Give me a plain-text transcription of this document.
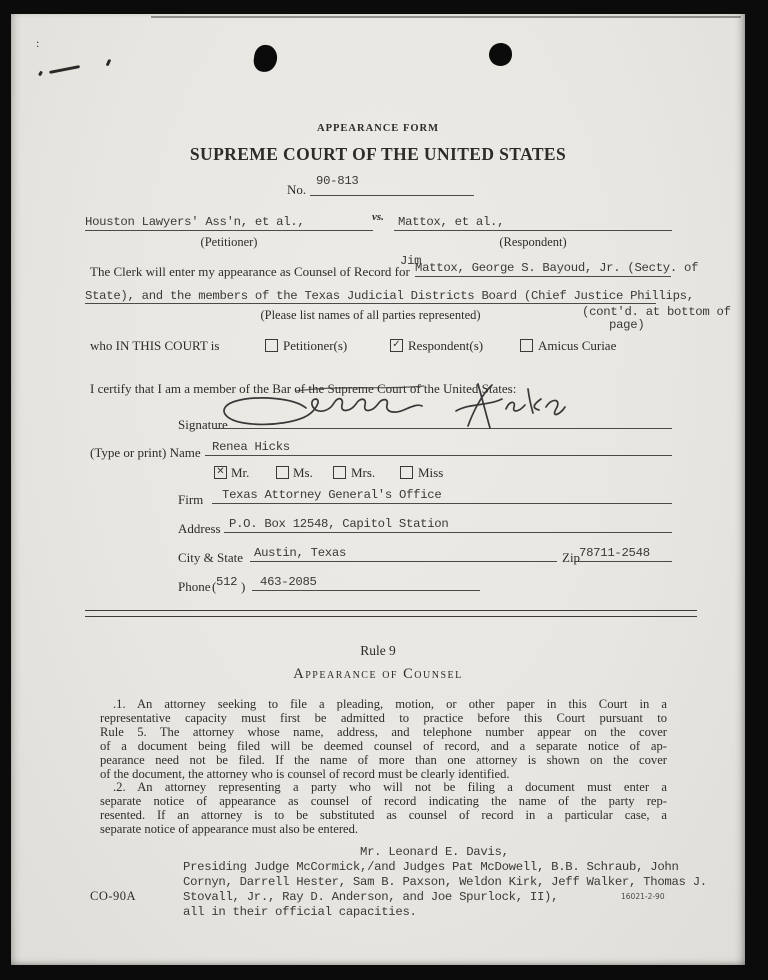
:
APPEARANCE FORM
SUPREME COURT OF THE UNITED STATES
No.
90-813
Houston Lawyers' Ass'n, et al.,	vs. Mattox, et al.,
(Petitioner)	(Respondent)
The Clerk will enter my appearance as Counsel of Record for
Jim
Mattox, George S. Bayoud, Jr. (Secty. of
State), and the members of the Texas Judicial Districts Board (Chief Justice Phillips,
(Please list names of all parties represented)	(cont'd. at bottom of
page)
who IN THIS COURT is	Petitioner(s)	✓ Respondent(s)	Amicus Curiae
I certify that I am a member of the Bar of the Supreme Court of the United States:
Signature
(Type or print) Name Renea Hicks
✕ Mr.	Ms.	Mrs.	Miss
Firm Texas Attorney General's Office
Address P.O. Box 12548, Capitol Station
City & State Austin, Texas	Zip
78711-2548
Phone ( 512 ) 463-2085
Rule 9
Appearance of Counsel
.1. An attorney seeking to file a pleading, motion, or other paper in this Court in a
representative capacity must first be admitted to practice before this Court pursuant to
Rule 5. The attorney whose name, address, and telephone number appear on the cover
of a document being filed will be deemed counsel of record, and a separate notice of ap-
pearance need not be filed. If the name of more than one attorney is shown on the cover
of the document, the attorney who is counsel of record must be clearly identified.
.2. An attorney representing a party who will not be filing a document must enter a
separate notice of appearance as counsel of record indicating the name of the party rep-
resented. If an attorney is to be substituted as counsel of record in a particular case, a
separate notice of appearance must also be entered.
Mr. Leonard E. Davis,
Presiding Judge McCormick,/and Judges Pat McDowell, B.B. Schraub, John
Cornyn, Darrell Hester, Sam B. Paxson, Weldon Kirk, Jeff Walker, Thomas J.
Stovall, Jr., Ray D. Anderson, and Joe Spurlock, II),
all in their official capacities.
CO-90A	16021-2-90
